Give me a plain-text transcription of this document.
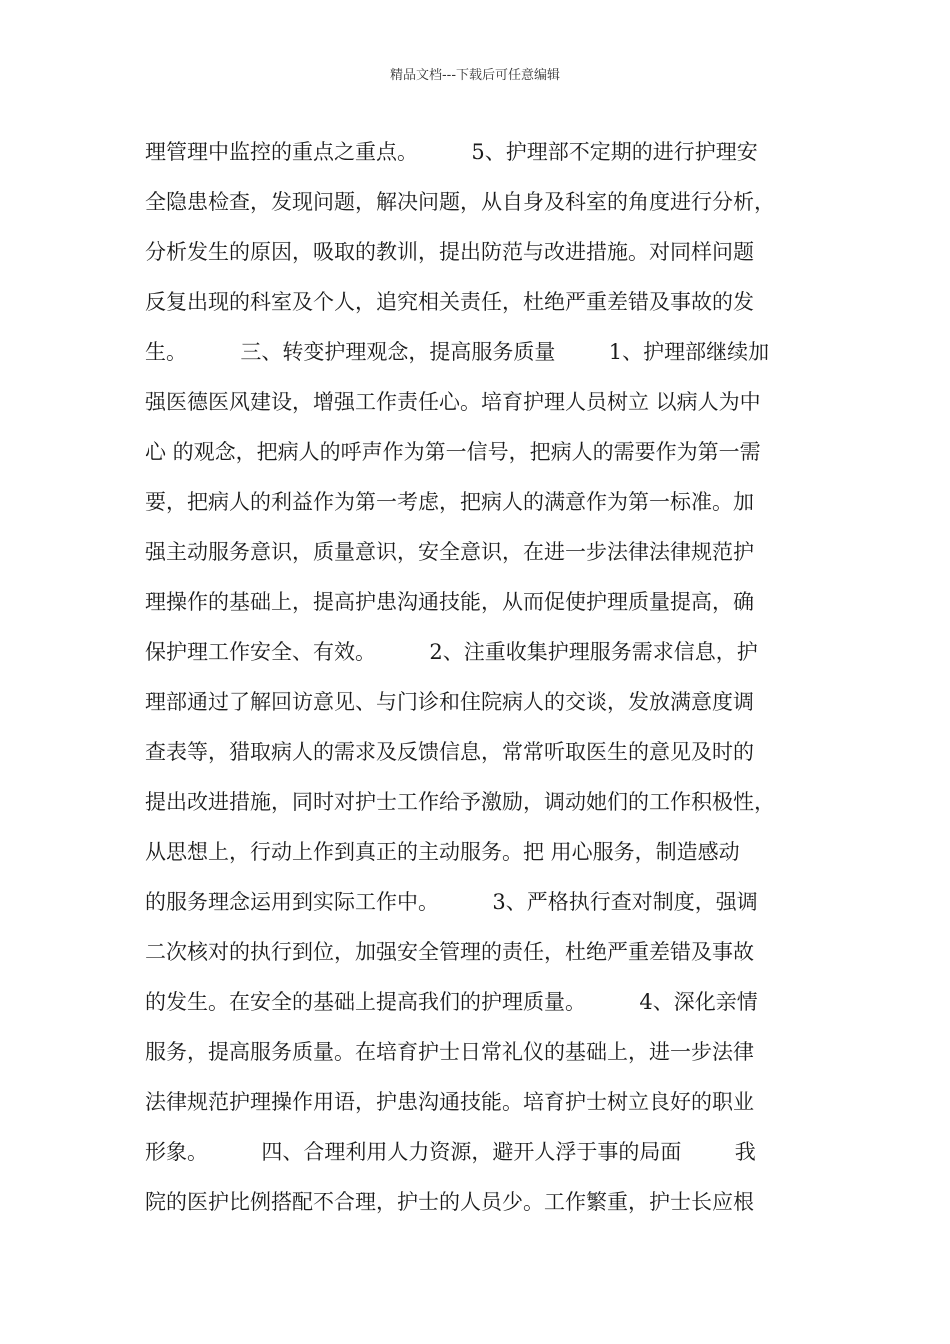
精品文档---下载后可任意编辑
理管理中监控的重点之重点。        5、护理部不定期的进行护理安
全隐患检查，发现问题，解决问题，从自身及科室的角度进行分析，
分析发生的原因，吸取的教训，提出防范与改进措施。对同样问题
反复出现的科室及个人，追究相关责任，杜绝严重差错及事故的发
生。        三、转变护理观念，提高服务质量        1、护理部继续加
强医德医风建设，增强工作责任心。培育护理人员树立 以病人为中
心 的观念，把病人的呼声作为第一信号，把病人的需要作为第一需
要，把病人的利益作为第一考虑，把病人的满意作为第一标准。加
强主动服务意识，质量意识，安全意识，在进一步法律法律规范护
理操作的基础上，提高护患沟通技能，从而促使护理质量提高，确
保护理工作安全、有效。        2、注重收集护理服务需求信息，护
理部通过了解回访意见、与门诊和住院病人的交谈，发放满意度调
查表等，猎取病人的需求及反馈信息，常常听取医生的意见及时的
提出改进措施，同时对护士工作给予激励，调动她们的工作积极性，
从思想上，行动上作到真正的主动服务。把 用心服务，制造感动
的服务理念运用到实际工作中。        3、严格执行查对制度，强调
二次核对的执行到位，加强安全管理的责任，杜绝严重差错及事故
的发生。在安全的基础上提高我们的护理质量。        4、深化亲情
服务，提高服务质量。在培育护士日常礼仪的基础上，进一步法律
法律规范护理操作用语，护患沟通技能。培育护士树立良好的职业
形象。        四、合理利用人力资源，避开人浮于事的局面        我
院的医护比例搭配不合理，护士的人员少。工作繁重，护士长应根
